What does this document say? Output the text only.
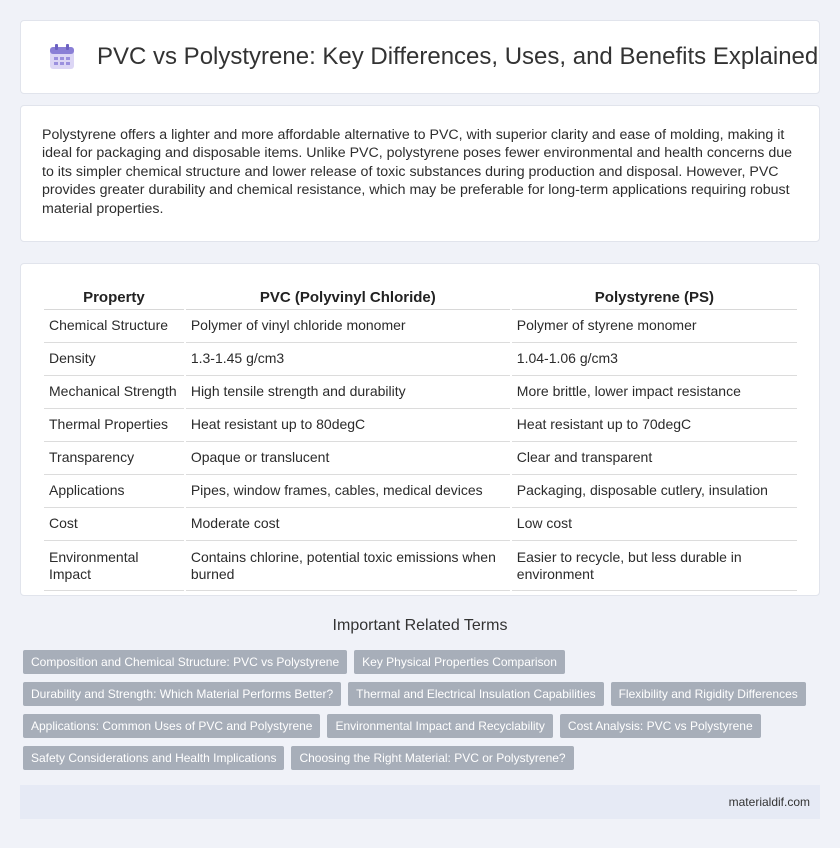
PVC vs Polystyrene: Key Differences, Uses, and Benefits Explained

Polystyrene offers a lighter and more affordable alternative to PVC, with superior clarity and ease of molding, making it ideal for packaging and disposable items. Unlike PVC, polystyrene poses fewer environmental and health concerns due to its simpler chemical structure and lower release of toxic substances during production and disposal. However, PVC provides greater durability and chemical resistance, which may be preferable for long-term applications requiring robust material properties.

Property	PVC (Polyvinyl Chloride)	Polystyrene (PS)
Chemical Structure	Polymer of vinyl chloride monomer	Polymer of styrene monomer
Density	1.3-1.45 g/cm3	1.04-1.06 g/cm3
Mechanical Strength	High tensile strength and durability	More brittle, lower impact resistance
Thermal Properties	Heat resistant up to 80degC	Heat resistant up to 70degC
Transparency	Opaque or translucent	Clear and transparent
Applications	Pipes, window frames, cables, medical devices	Packaging, disposable cutlery, insulation
Cost	Moderate cost	Low cost
Environmental Impact	Contains chlorine, potential toxic emissions when burned	Easier to recycle, but less durable in environment
Important Related Terms
Composition and Chemical Structure: PVC vs Polystyrene	Key Physical Properties Comparison
Durability and Strength: Which Material Performs Better?	Thermal and Electrical Insulation Capabilities	Flexibility and Rigidity Differences
Applications: Common Uses of PVC and Polystyrene	Environmental Impact and Recyclability	Cost Analysis: PVC vs Polystyrene
Safety Considerations and Health Implications	Choosing the Right Material: PVC or Polystyrene?
materialdif.com
